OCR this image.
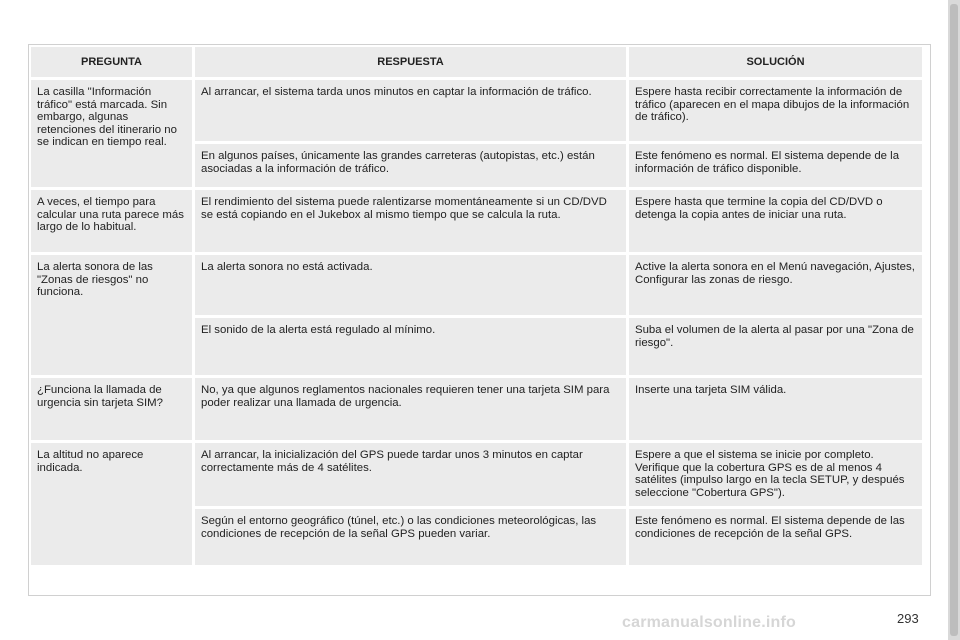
PREGUNTA	RESPUESTA	SOLUCIÓN
La casilla "Información tráfico" está marcada. Sin embargo, algunas retenciones del itinerario no se indican en tiempo real.	Al arrancar, el sistema tarda unos minutos en captar la información de tráfico.	Espere hasta recibir correctamente la información de tráfico (aparecen en el mapa dibujos de la información de tráfico).
	En algunos países, únicamente las grandes carreteras (autopistas, etc.) están asociadas a la información de tráfico.	Este fenómeno es normal. El sistema depende de la información de tráfico disponible.
A veces, el tiempo para calcular una ruta parece más largo de lo habitual.	El rendimiento del sistema puede ralentizarse momentáneamente si un CD/DVD se está copiando en el Jukebox al mismo tiempo que se calcula la ruta.	Espere hasta que termine la copia del CD/DVD o detenga la copia antes de iniciar una ruta.
La alerta sonora de las "Zonas de riesgos" no funciona.	La alerta sonora no está activada.	Active la alerta sonora en el Menú navegación, Ajustes, Configurar las zonas de riesgo.
	El sonido de la alerta está regulado al mínimo.	Suba el volumen de la alerta al pasar por una "Zona de riesgo".
¿Funciona la llamada de urgencia sin tarjeta SIM?	No, ya que algunos reglamentos nacionales requieren tener una tarjeta SIM para poder realizar una llamada de urgencia.	Inserte una tarjeta SIM válida.
La altitud no aparece indicada.	Al arrancar, la inicialización del GPS puede tardar unos 3 minutos en captar correctamente más de 4 satélites.	Espere a que el sistema se inicie por completo. Verifique que la cobertura GPS es de al menos 4 satélites (impulso largo en la tecla SETUP, y después seleccione "Cobertura GPS").
	Según el entorno geográfico (túnel, etc.) o las condiciones meteorológicas, las condiciones de recepción de la señal GPS pueden variar.	Este fenómeno es normal. El sistema depende de las condiciones de recepción de la señal GPS.
carmanualsonline.info	293
